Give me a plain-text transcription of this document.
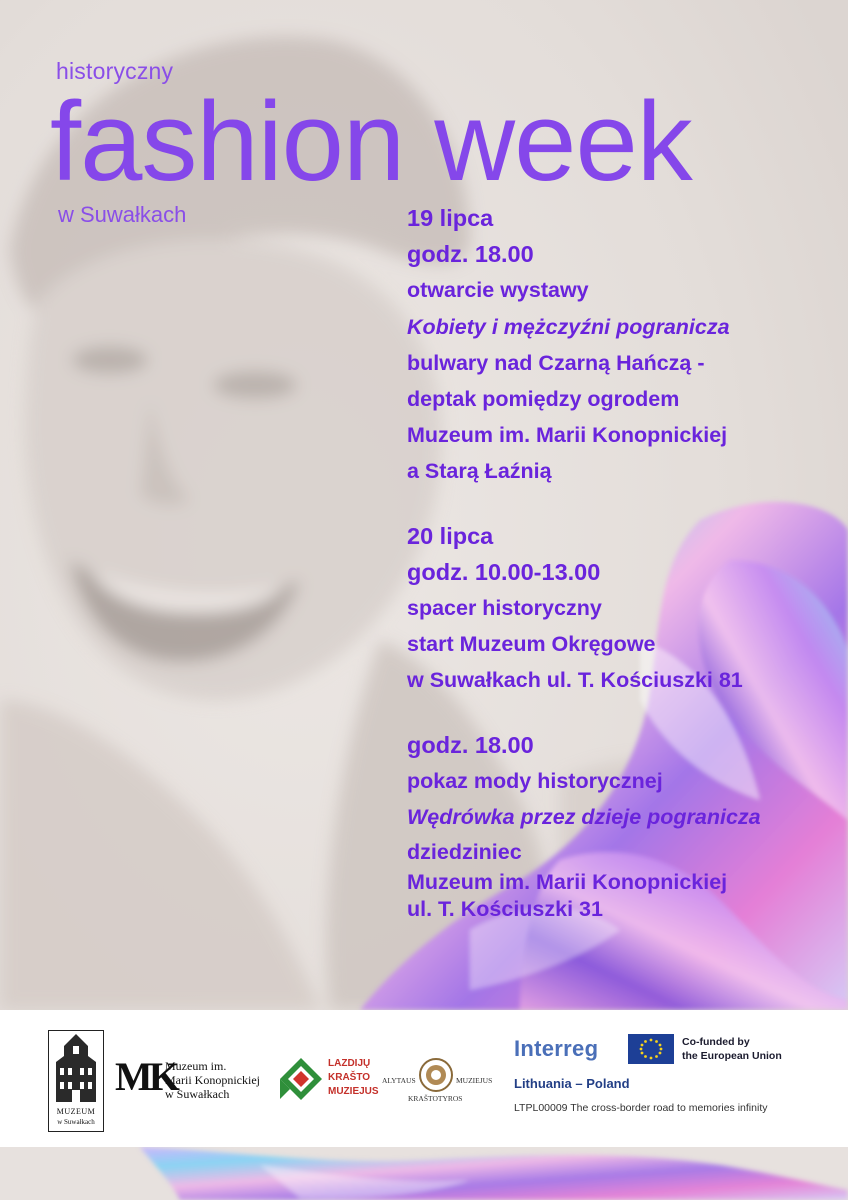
historyczny
fashion week
w Suwałkach	19 lipca
godz. 18.00
otwarcie wystawy
Kobiety i mężczyźni pogranicza
bulwary nad Czarną Hańczą -
deptak pomiędzy ogrodem
Muzeum im. Marii Konopnickiej
a Starą Łaźnią
20 lipca
godz. 10.00-13.00
spacer historyczny
start Muzeum Okręgowe
w Suwałkach ul. T. Kościuszki 81
godz. 18.00
pokaz mody historycznej
Wędrówka przez dzieje pogranicza
dziedziniec
Muzeum im. Marii Konopnickiej
ul. T. Kościuszki 31
MUZEUM
w Suwałkach
MK
Muzeum im.
Marii Konopnickiej
w Suwałkach
LAZDIJŲ
KRAŠTO
MUZIEJUS
ALYTAUS	MUZIEJUS
KRAŠTOTYROS
Interreg	Co-funded by
the European Union
Lithuania – Poland
LTPL00009 The cross-border road to memories infinity
